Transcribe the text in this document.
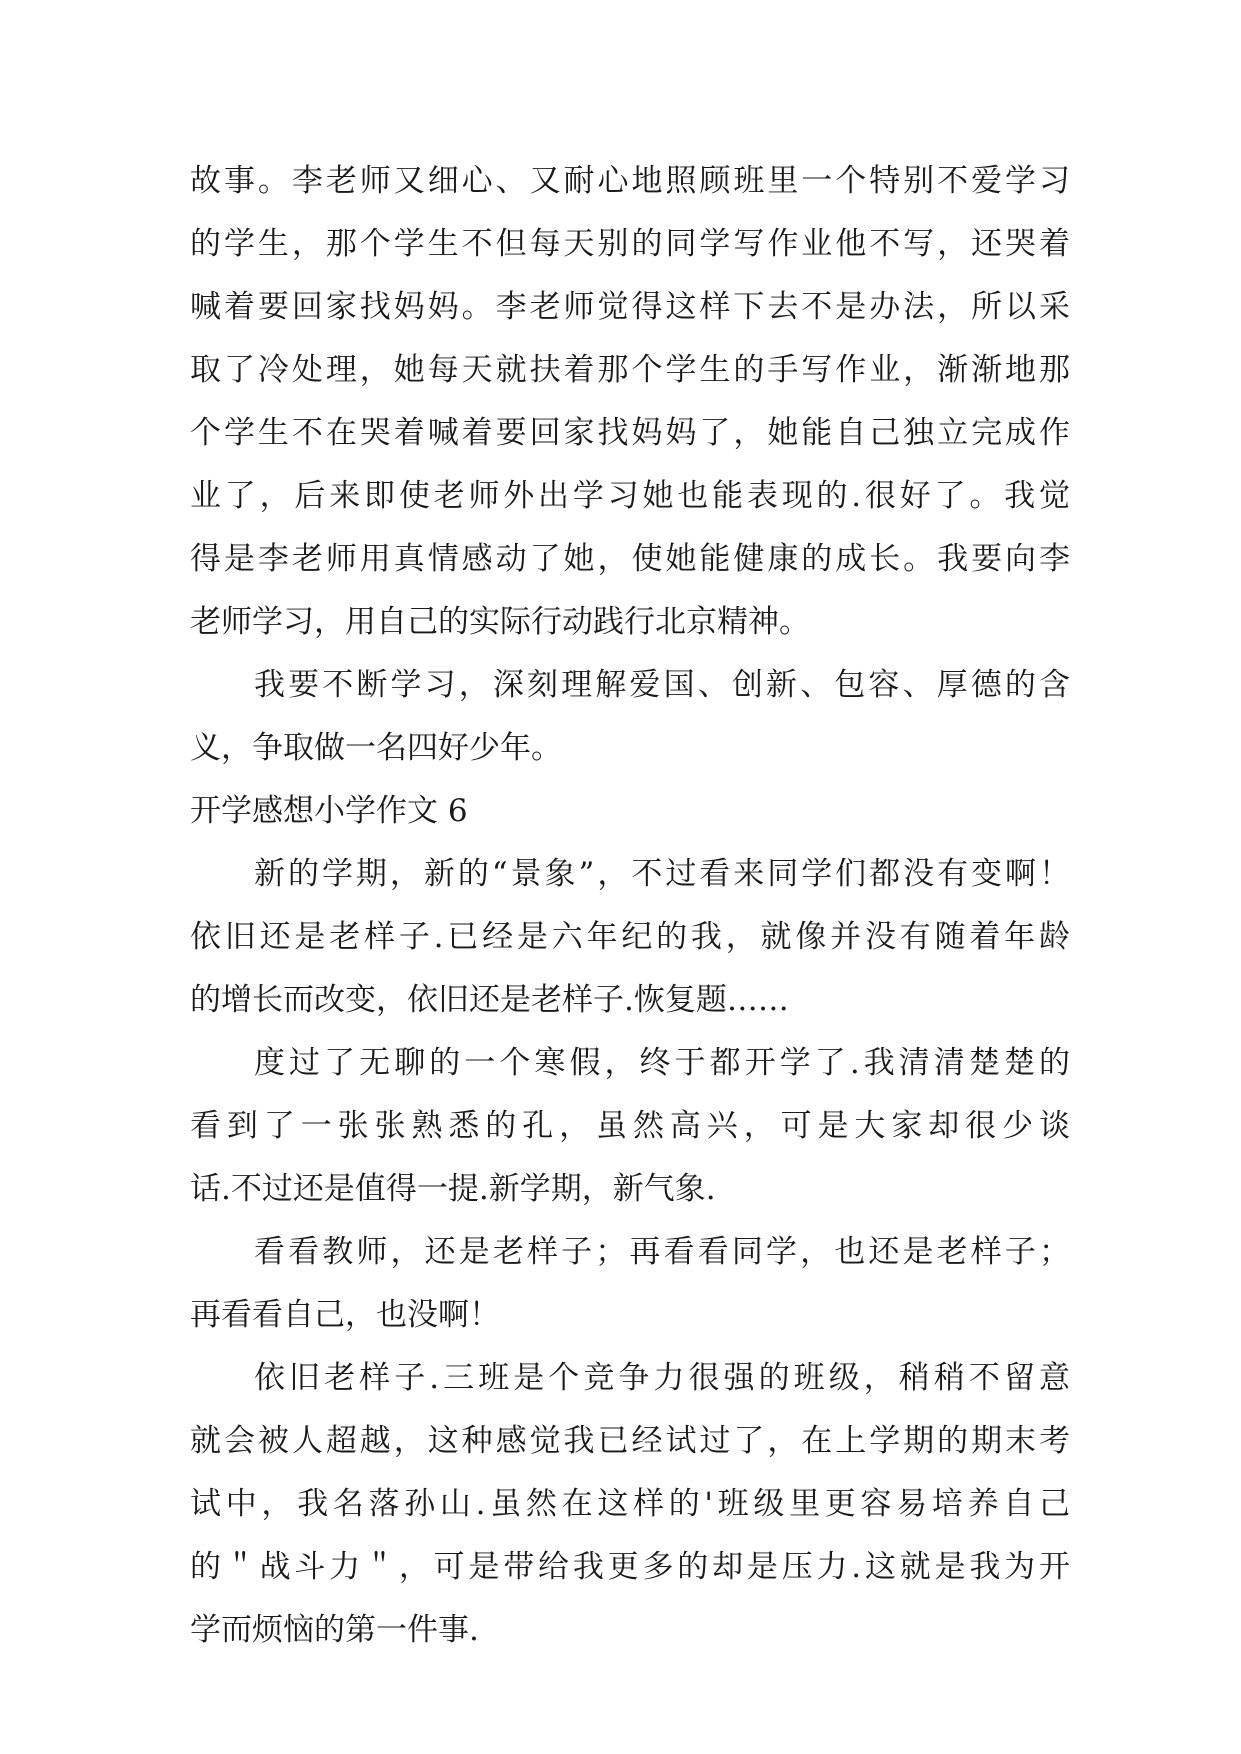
故事。李老师又细心、又耐心地照顾班里一个特别不爱学习
的学生，那个学生不但每天别的同学写作业他不写，还哭着
喊着要回家找妈妈。李老师觉得这样下去不是办法，所以采
取了冷处理，她每天就扶着那个学生的手写作业，渐渐地那
个学生不在哭着喊着要回家找妈妈了，她能自己独立完成作
业了，后来即使老师外出学习她也能表现的.很好了。我觉
得是李老师用真情感动了她，使她能健康的成长。我要向李
老师学习，用自己的实际行动践行北京精神。
我要不断学习，深刻理解爱国、创新、包容、厚德的含
义，争取做一名四好少年。
开学感想小学作文 6
新的学期，新的“景象”，不过看来同学们都没有变啊！
依旧还是老样子.已经是六年纪的我，就像并没有随着年龄
的增长而改变，依旧还是老样子.恢复题……
度过了无聊的一个寒假，终于都开学了.我清清楚楚的
看到了一张张熟悉的孔，虽然高兴，可是大家却很少谈
话.不过还是值得一提.新学期，新气象.
看看教师，还是老样子；再看看同学，也还是老样子；
再看看自己，也没啊！
依旧老样子.三班是个竞争力很强的班级，稍稍不留意
就会被人超越，这种感觉我已经试过了，在上学期的期末考
试中，我名落孙山.虽然在这样的'班级里更容易培养自己
的＂战斗力＂，可是带给我更多的却是压力.这就是我为开
学而烦恼的第一件事.
